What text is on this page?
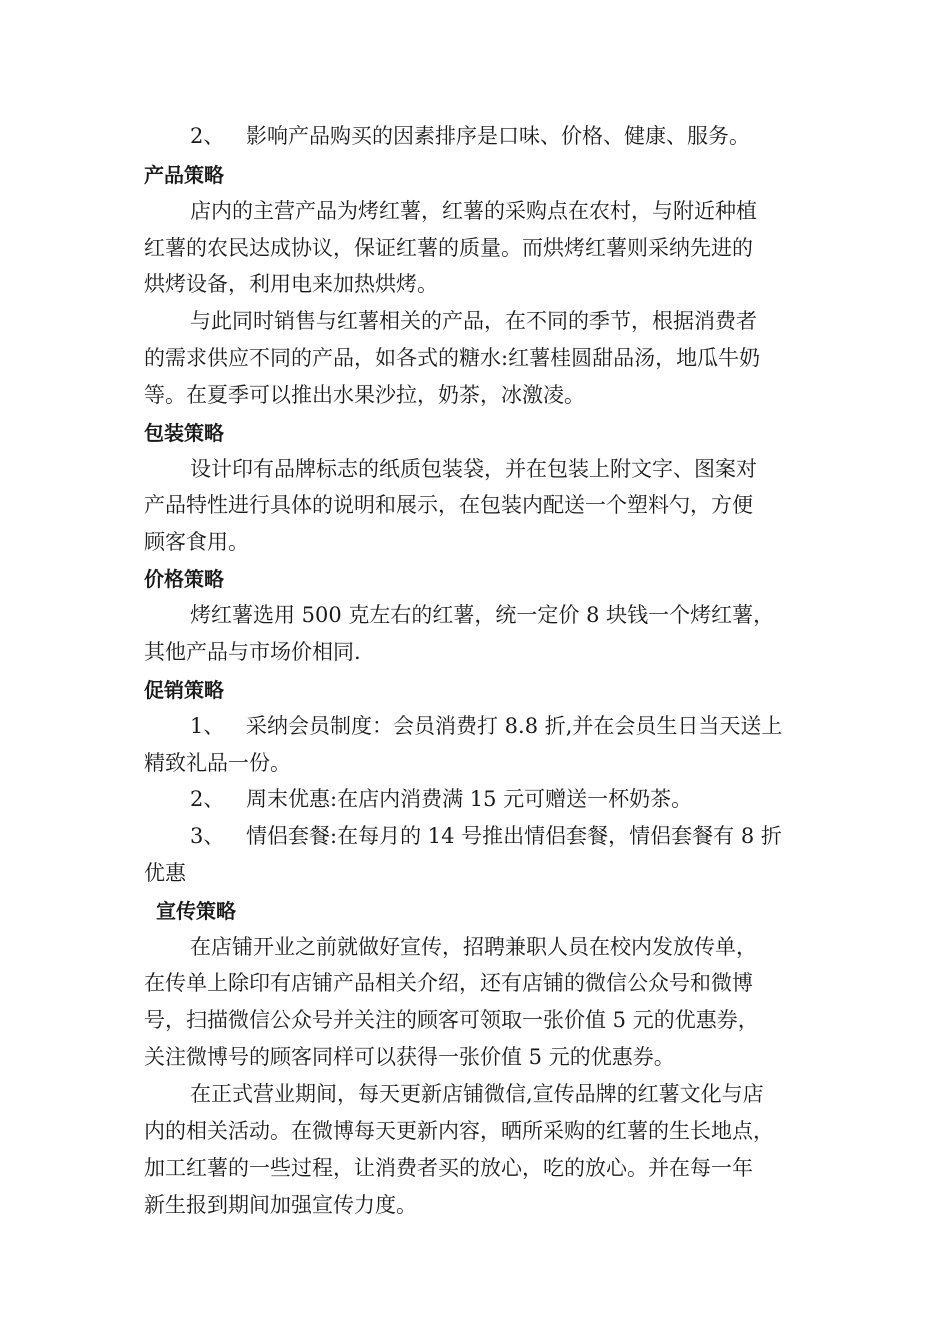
2、 影响产品购买的因素排序是口味、价格、健康、服务。
产品策略
店内的主营产品为烤红薯，红薯的采购点在农村，与附近种植
红薯的农民达成协议，保证红薯的质量。而烘烤红薯则采纳先进的
烘烤设备，利用电来加热烘烤。
与此同时销售与红薯相关的产品，在不同的季节，根据消费者
的需求供应不同的产品，如各式的糖水:红薯桂圆甜品汤，地瓜牛奶
等。在夏季可以推出水果沙拉，奶茶，冰激凌。
包装策略
设计印有品牌标志的纸质包装袋，并在包装上附文字、图案对
产品特性进行具体的说明和展示，在包装内配送一个塑料勺，方便
顾客食用。
价格策略
烤红薯选用 500 克左右的红薯，统一定价 8 块钱一个烤红薯，
其他产品与市场价相同.
促销策略
1、 采纳会员制度：会员消费打 8.8 折,并在会员生日当天送上
精致礼品一份。
2、 周末优惠:在店内消费满 15 元可赠送一杯奶茶。
3、 情侣套餐:在每月的 14 号推出情侣套餐，情侣套餐有 8 折
优惠
宣传策略
在店铺开业之前就做好宣传，招聘兼职人员在校内发放传单，
在传单上除印有店铺产品相关介绍，还有店铺的微信公众号和微博
号，扫描微信公众号并关注的顾客可领取一张价值 5 元的优惠券，
关注微博号的顾客同样可以获得一张价值 5 元的优惠券。
在正式营业期间，每天更新店铺微信,宣传品牌的红薯文化与店
内的相关活动。在微博每天更新内容，晒所采购的红薯的生长地点，
加工红薯的一些过程，让消费者买的放心，吃的放心。并在每一年
新生报到期间加强宣传力度。
